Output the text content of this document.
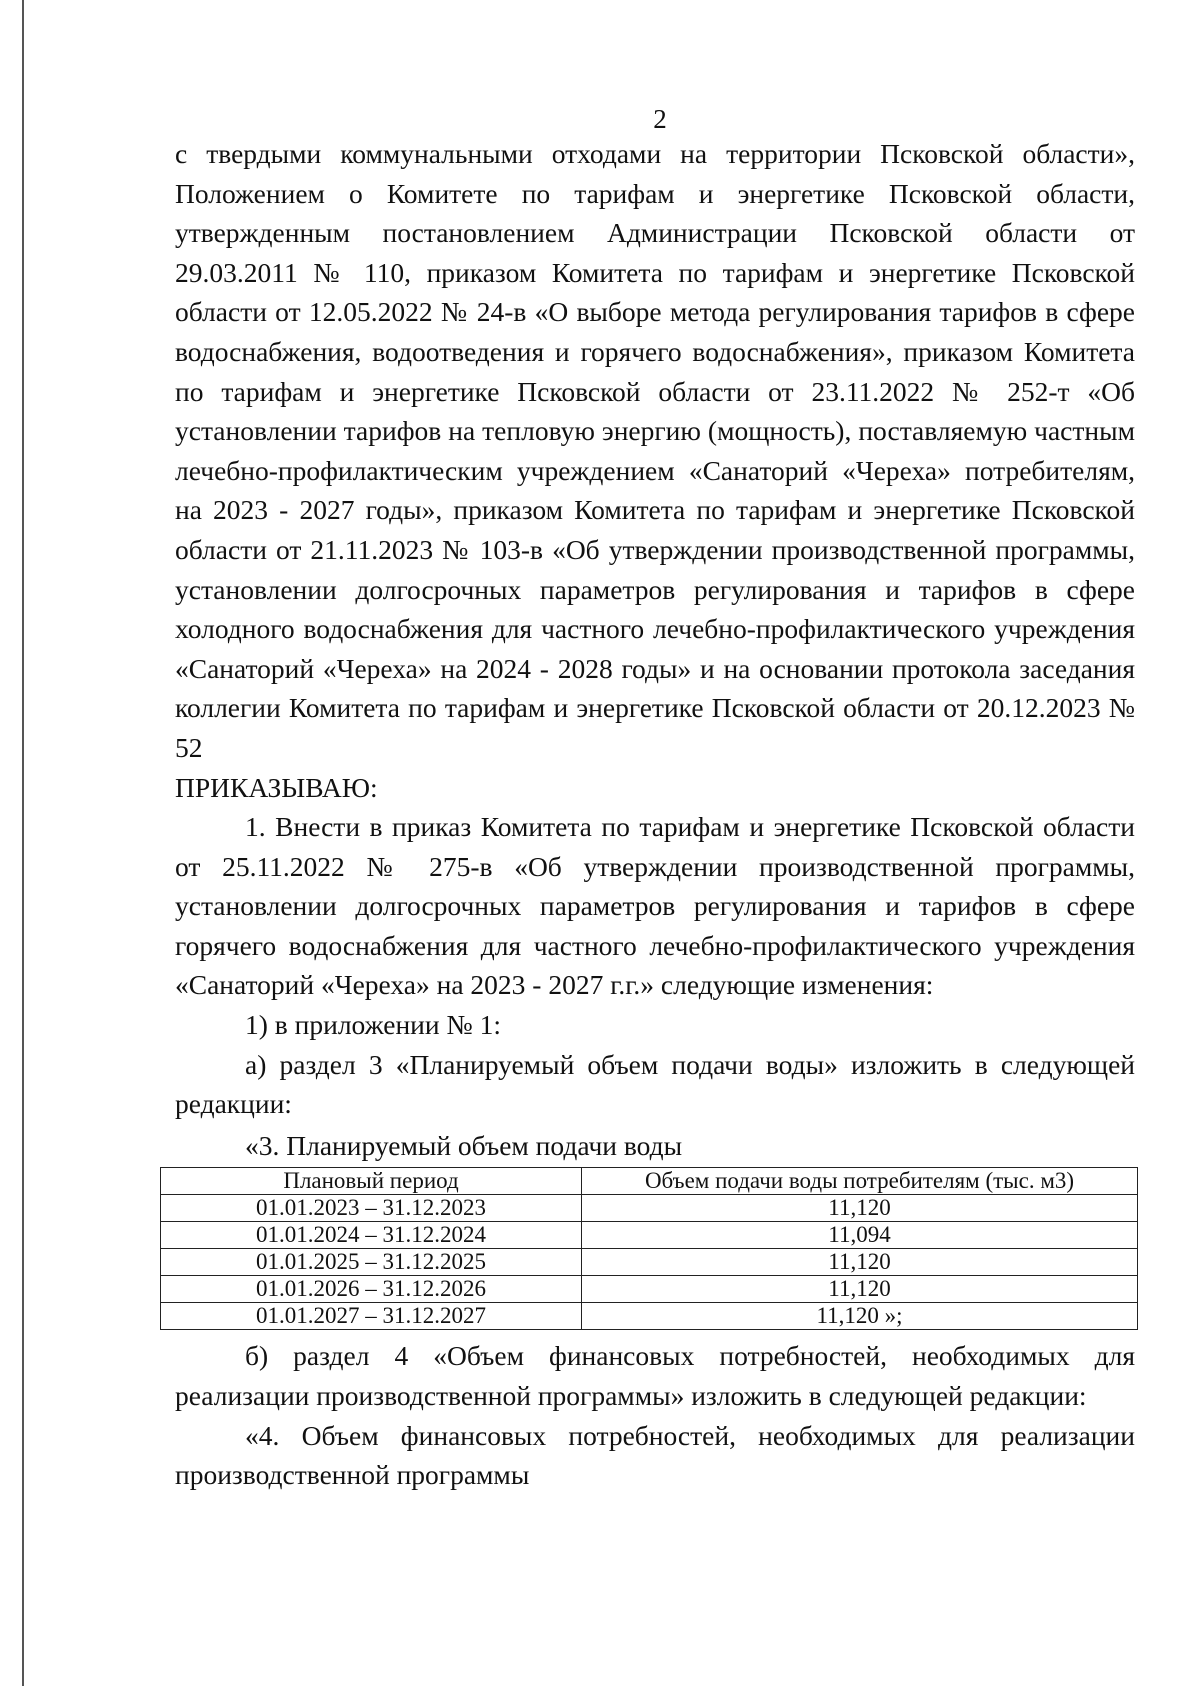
2

с твердыми коммунальными отходами на территории Псковской области», Положением о Комитете по тарифам и энергетике Псковской области, утвержденным постановлением Администрации Псковской области от 29.03.2011 № 110, приказом Комитета по тарифам и энергетике Псковской области от 12.05.2022 № 24-в «О выборе метода регулирования тарифов в сфере водоснабжения, водоотведения и горячего водоснабжения», приказом Комитета по тарифам и энергетике Псковской области от 23.11.2022 № 252-т «Об установлении тарифов на тепловую энергию (мощность), поставляемую частным лечебно-профилактическим учреждением «Санаторий «Череха» потребителям, на 2023 - 2027 годы», приказом Комитета по тарифам и энергетике Псковской области от 21.11.2023 № 103-в «Об утверждении производственной программы, установлении долгосрочных параметров регулирования и тарифов в сфере холодного водоснабжения для частного лечебно-профилактического учреждения «Санаторий «Череха» на 2024 - 2028 годы» и на основании протокола заседания коллегии Комитета по тарифам и энергетике Псковской области от 20.12.2023 № 52

ПРИКАЗЫВАЮ:

1. Внести в приказ Комитета по тарифам и энергетике Псковской области от 25.11.2022 № 275-в «Об утверждении производственной программы, установлении долгосрочных параметров регулирования и тарифов в сфере горячего водоснабжения для частного лечебно-профилактического учреждения «Санаторий «Череха» на 2023 - 2027 г.г.» следующие изменения:

1) в приложении № 1:

а) раздел 3 «Планируемый объем подачи воды» изложить в следующей редакции:

«3. Планируемый объем подачи воды

Плановый период	Объем подачи воды потребителям (тыс. м3)
01.01.2023 – 31.12.2023	11,120
01.01.2024 – 31.12.2024	11,094
01.01.2025 – 31.12.2025	11,120
01.01.2026 – 31.12.2026	11,120
01.01.2027 – 31.12.2027	11,120 »;

б) раздел 4 «Объем финансовых потребностей, необходимых для реализации производственной программы» изложить в следующей редакции:

«4. Объем финансовых потребностей, необходимых для реализации производственной программы
